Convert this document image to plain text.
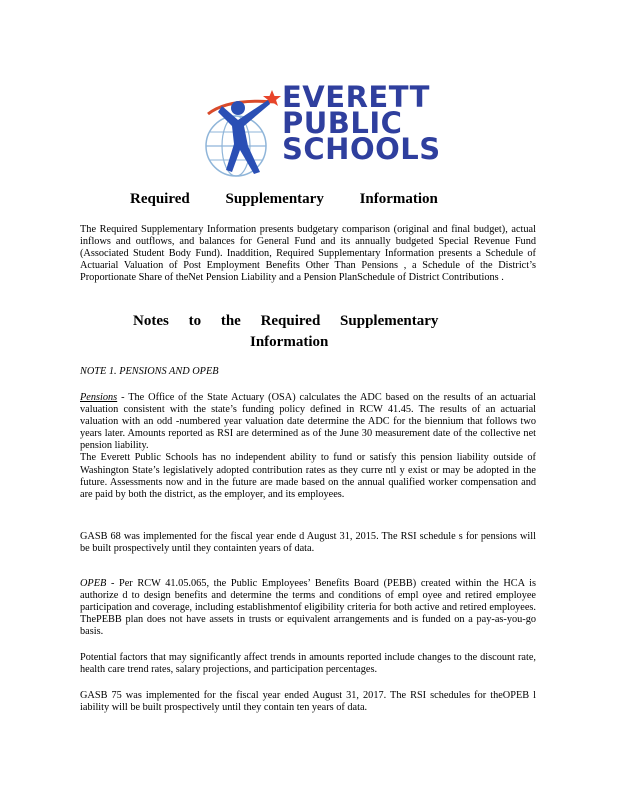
EVERETT
PUBLIC
SCHOOLS
Required Supplementary Information
The Required Supplementary Information presents budgetary comparison (original and final budget), actual inflows and outflows, and balances for General Fund and its annually budgeted Special Revenue Fund (Associated Student Body Fund). Inaddition, Required Supplementary Information presents a Schedule of Actuarial Valuation of Post Employment Benefits Other Than Pensions , a Schedule of the District’s Proportionate Share of theNet Pension Liability and a Pension PlanSchedule of District Contributions .
Notes to the Required Supplementary
Information
NOTE 1. PENSIONS AND OPEB
Pensions - The Office of the State Actuary (OSA) calculates the ADC based on the results of an actuarial valuation consistent with the state’s funding policy defined in RCW 41.45. The results of an actuarial valuation with an odd -numbered year valuation date determine the ADC for the biennium that follows two years later. Amounts reported as RSI are determined as of the June 30 measurement date of the collective net pension liability.
The Everett Public Schools has no independent ability to fund or satisfy this pension liability outside of Washington State’s legislatively adopted contribution rates as they curre ntl y exist or may be adopted in the future. Assessments now and in the future are made based on the annual qualified worker compensation and are paid by both the district, as the employer, and its employees.
GASB 68 was implemented for the fiscal year ende d August 31, 2015. The RSI schedule s for pensions will be built prospectively until they containten years of data.
OPEB - Per RCW 41.05.065, the Public Employees’ Benefits Board (PEBB) created within the HCA is authorize d to design benefits and determine the terms and conditions of empl oyee and retired employee participation and coverage, including establishmentof eligibility criteria for both active and retired employees. ThePEBB plan does not have assets in trusts or equivalent arrangements and is funded on a pay-as-you-go basis.
Potential factors that may significantly affect trends in amounts reported include changes to the discount rate, health care trend rates, salary projections, and participation percentages.
GASB 75 was implemented for the fiscal year ended August 31, 2017. The RSI schedules for theOPEB l iability will be built prospectively until they contain ten years of data.
